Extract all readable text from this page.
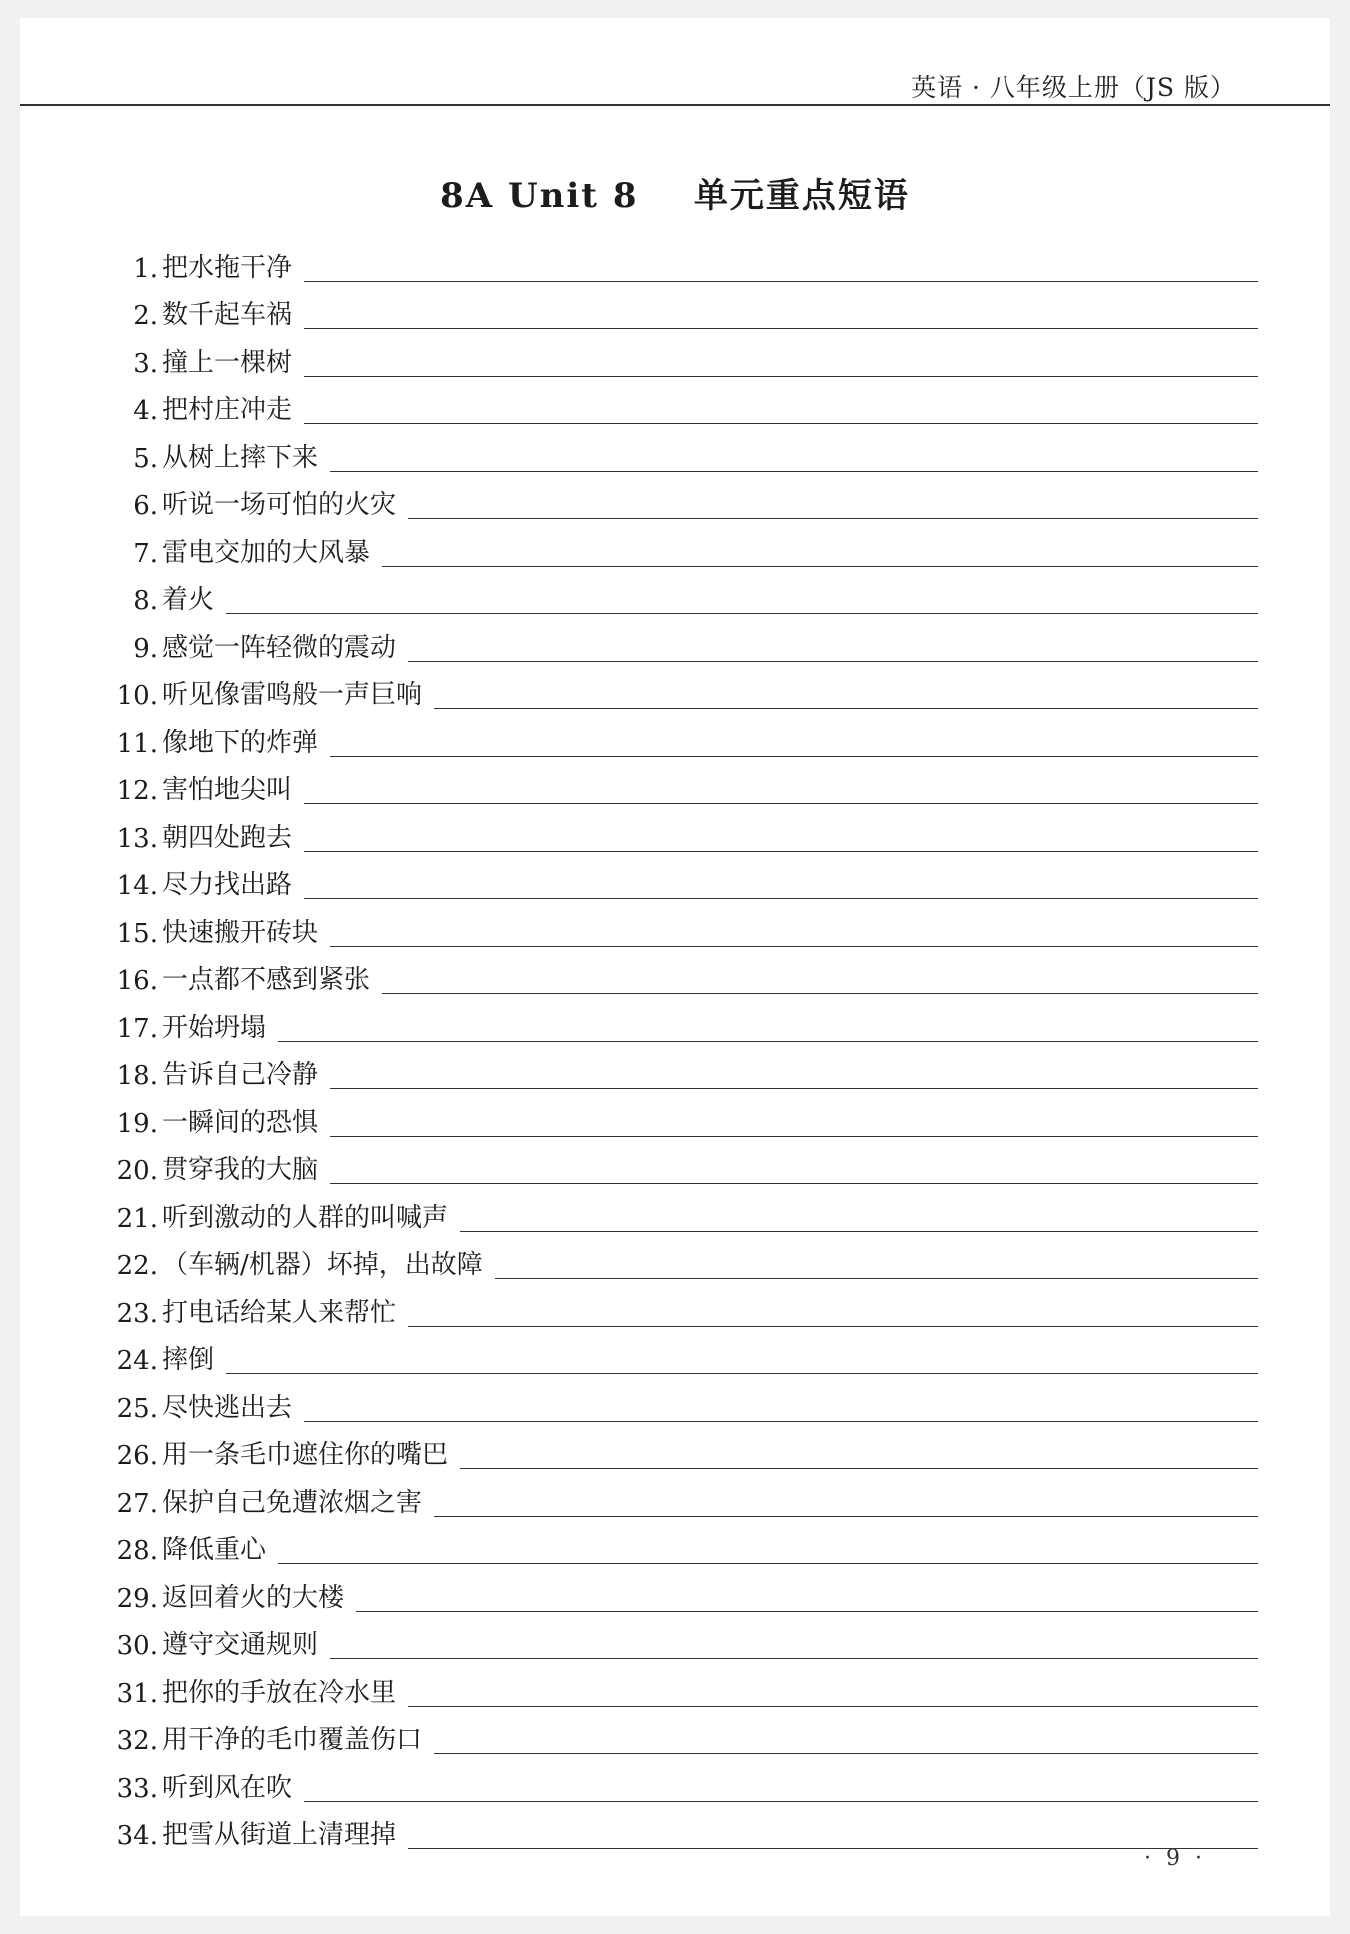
英语 · 八年级上册（JS 版）
8A Unit 8    单元重点短语
1. 把水拖干净
2. 数千起车祸
3. 撞上一棵树
4. 把村庄冲走
5. 从树上摔下来
6. 听说一场可怕的火灾
7. 雷电交加的大风暴
8. 着火
9. 感觉一阵轻微的震动
10. 听见像雷鸣般一声巨响
11. 像地下的炸弹
12. 害怕地尖叫
13. 朝四处跑去
14. 尽力找出路
15. 快速搬开砖块
16. 一点都不感到紧张
17. 开始坍塌
18. 告诉自己冷静
19. 一瞬间的恐惧
20. 贯穿我的大脑
21. 听到激动的人群的叫喊声
22. （车辆/机器）坏掉，出故障
23. 打电话给某人来帮忙
24. 摔倒
25. 尽快逃出去
26. 用一条毛巾遮住你的嘴巴
27. 保护自己免遭浓烟之害
28. 降低重心
29. 返回着火的大楼
30. 遵守交通规则
31. 把你的手放在冷水里
32. 用干净的毛巾覆盖伤口
33. 听到风在吹
34. 把雪从街道上清理掉
· 9 ·
